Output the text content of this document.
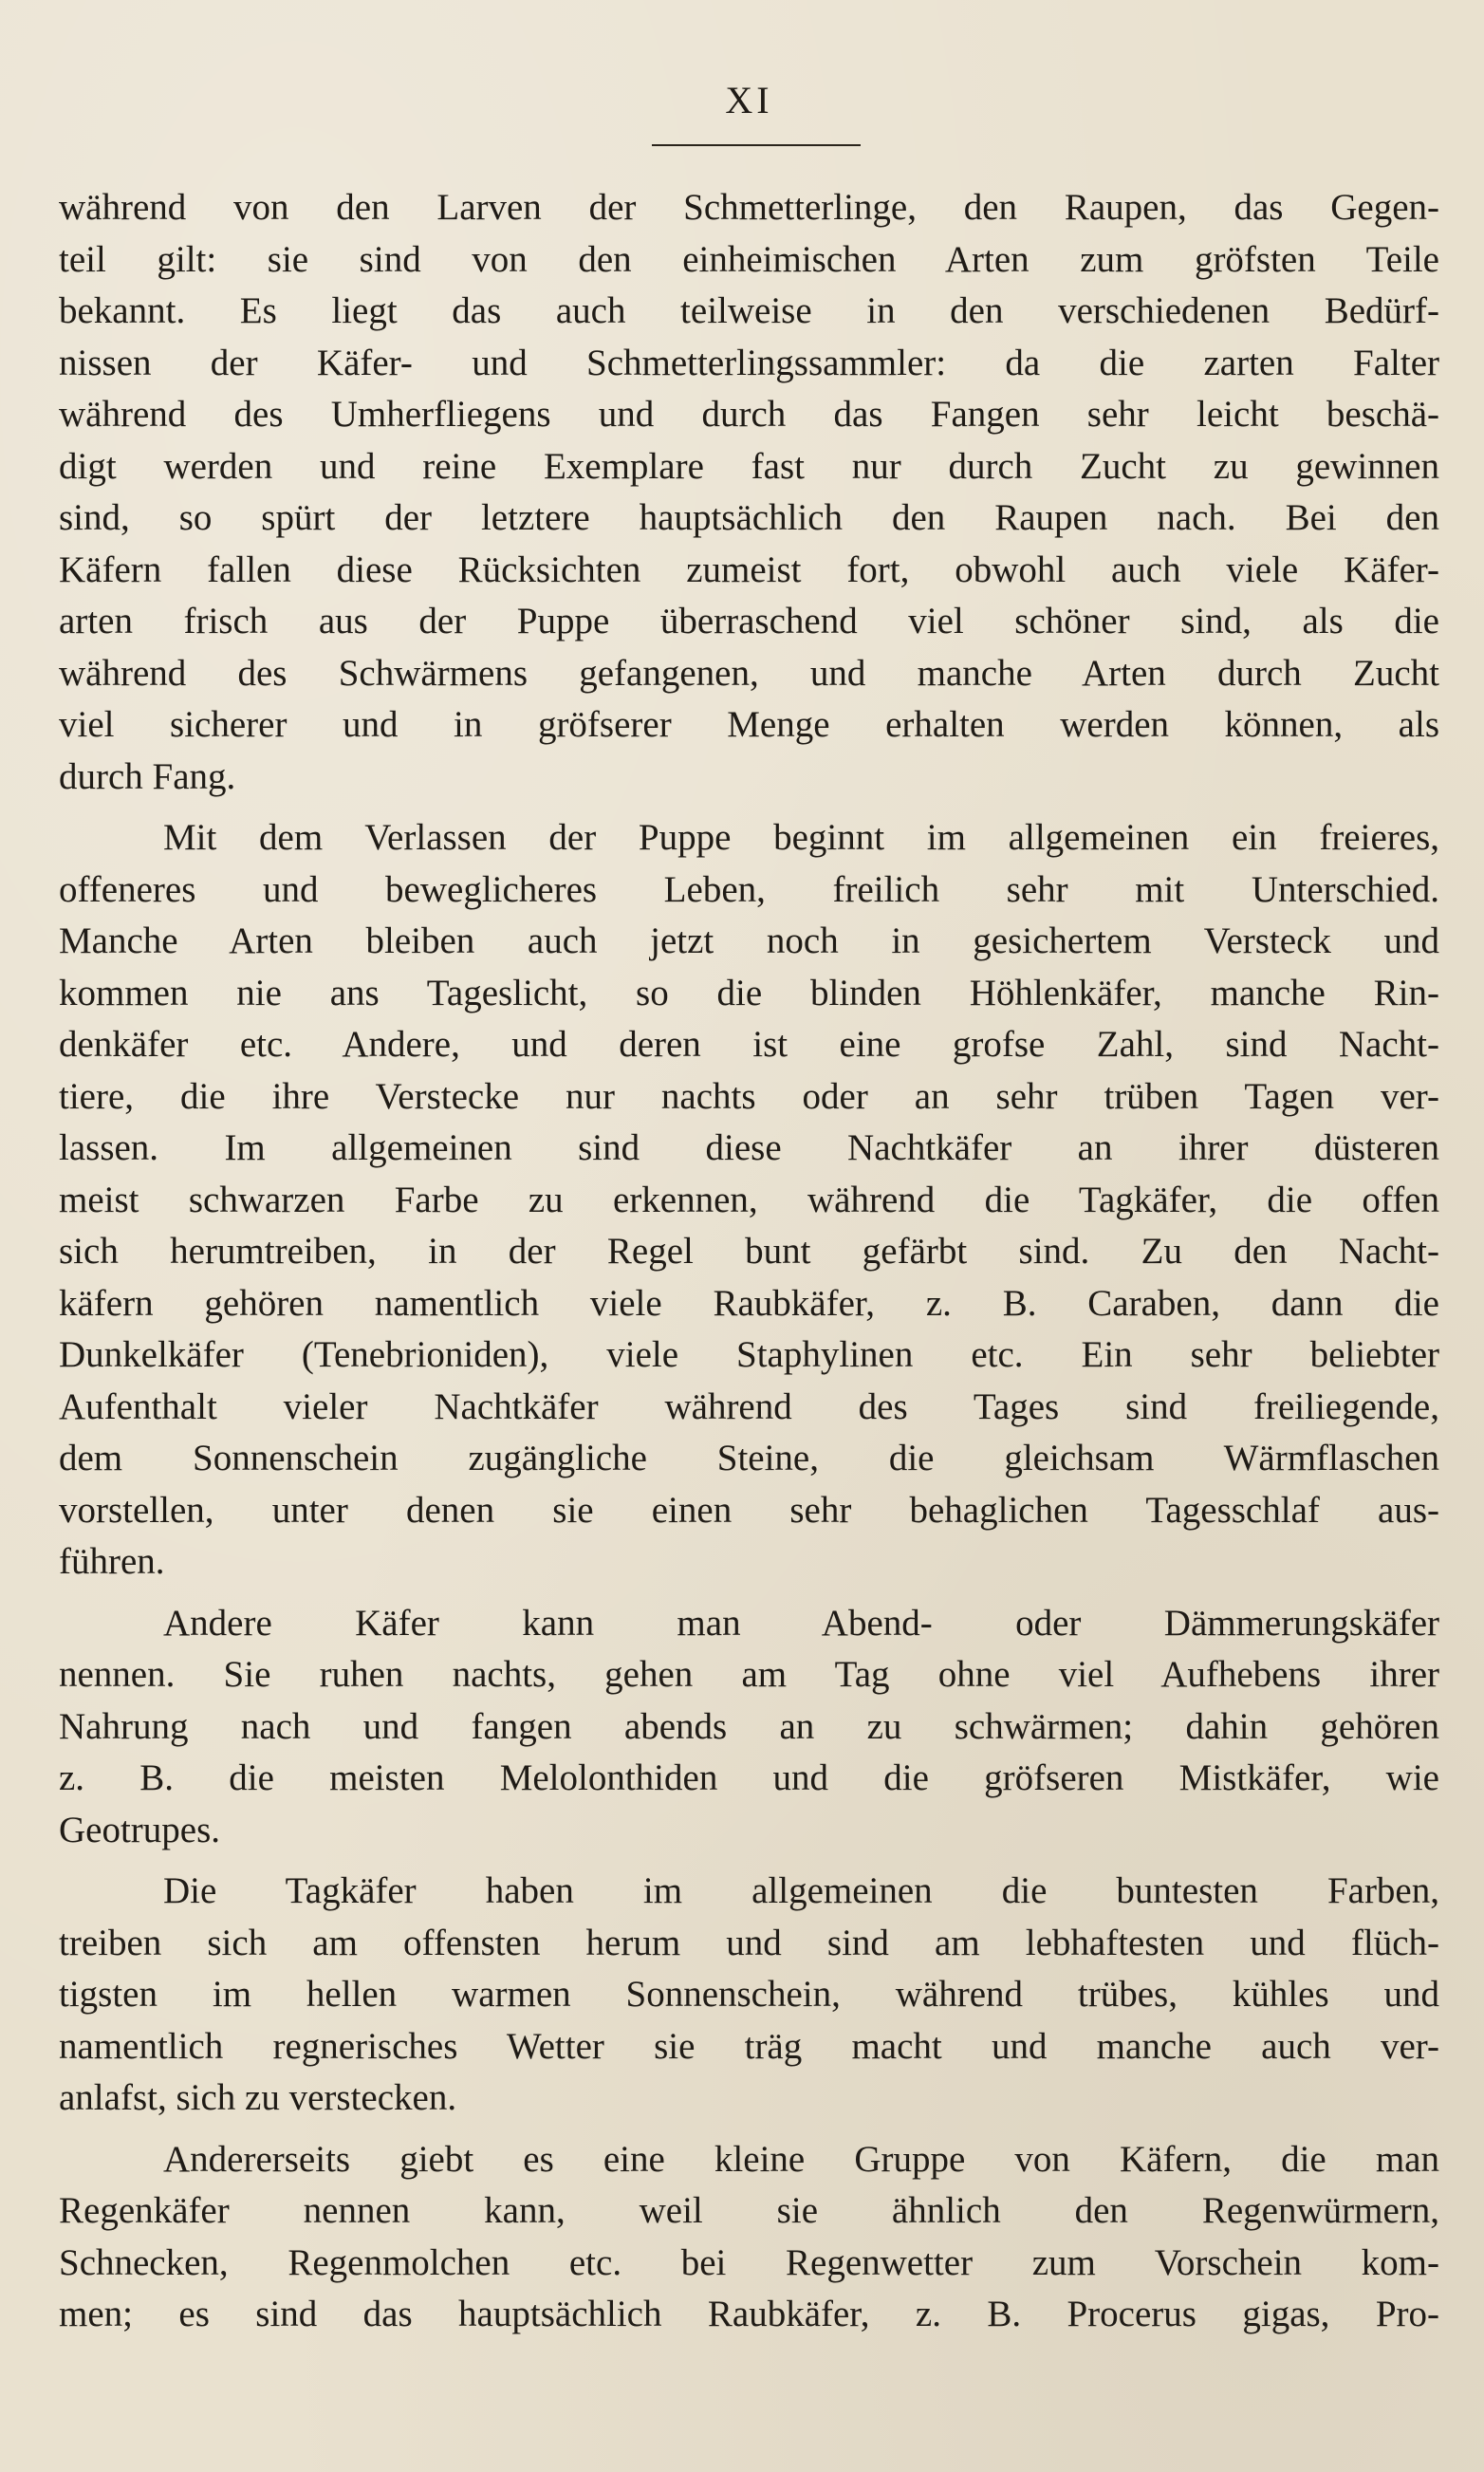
XI
während von den Larven der Schmetterlinge, den Raupen, das Gegen-
teil gilt: sie sind von den einheimischen Arten zum gröfsten Teile
bekannt. Es liegt das auch teilweise in den verschiedenen Bedürf-
nissen der Käfer- und Schmetterlingssammler: da die zarten Falter
während des Umherfliegens und durch das Fangen sehr leicht beschä-
digt werden und reine Exemplare fast nur durch Zucht zu gewinnen
sind, so spürt der letztere hauptsächlich den Raupen nach. Bei den
Käfern fallen diese Rücksichten zumeist fort, obwohl auch viele Käfer-
arten frisch aus der Puppe überraschend viel schöner sind, als die
während des Schwärmens gefangenen, und manche Arten durch Zucht
viel sicherer und in gröfserer Menge erhalten werden können, als
durch Fang.
Mit dem Verlassen der Puppe beginnt im allgemeinen ein freieres,
offeneres und beweglicheres Leben, freilich sehr mit Unterschied.
Manche Arten bleiben auch jetzt noch in gesichertem Versteck und
kommen nie ans Tageslicht, so die blinden Höhlenkäfer, manche Rin-
denkäfer etc. Andere, und deren ist eine grofse Zahl, sind Nacht-
tiere, die ihre Verstecke nur nachts oder an sehr trüben Tagen ver-
lassen. Im allgemeinen sind diese Nachtkäfer an ihrer düsteren
meist schwarzen Farbe zu erkennen, während die Tagkäfer, die offen
sich herumtreiben, in der Regel bunt gefärbt sind. Zu den Nacht-
käfern gehören namentlich viele Raubkäfer, z. B. Caraben, dann die
Dunkelkäfer (Tenebrioniden), viele Staphylinen etc. Ein sehr beliebter
Aufenthalt vieler Nachtkäfer während des Tages sind freiliegende,
dem Sonnenschein zugängliche Steine, die gleichsam Wärmflaschen
vorstellen, unter denen sie einen sehr behaglichen Tagesschlaf aus-
führen.
Andere Käfer kann man Abend- oder Dämmerungskäfer
nennen. Sie ruhen nachts, gehen am Tag ohne viel Aufhebens ihrer
Nahrung nach und fangen abends an zu schwärmen; dahin gehören
z. B. die meisten Melolonthiden und die gröfseren Mistkäfer, wie
Geotrupes.
Die Tagkäfer haben im allgemeinen die buntesten Farben,
treiben sich am offensten herum und sind am lebhaftesten und flüch-
tigsten im hellen warmen Sonnenschein, während trübes, kühles und
namentlich regnerisches Wetter sie träg macht und manche auch ver-
anlafst, sich zu verstecken.
Andererseits giebt es eine kleine Gruppe von Käfern, die man
Regenkäfer nennen kann, weil sie ähnlich den Regenwürmern,
Schnecken, Regenmolchen etc. bei Regenwetter zum Vorschein kom-
men; es sind das hauptsächlich Raubkäfer, z. B. Procerus gigas, Pro-
